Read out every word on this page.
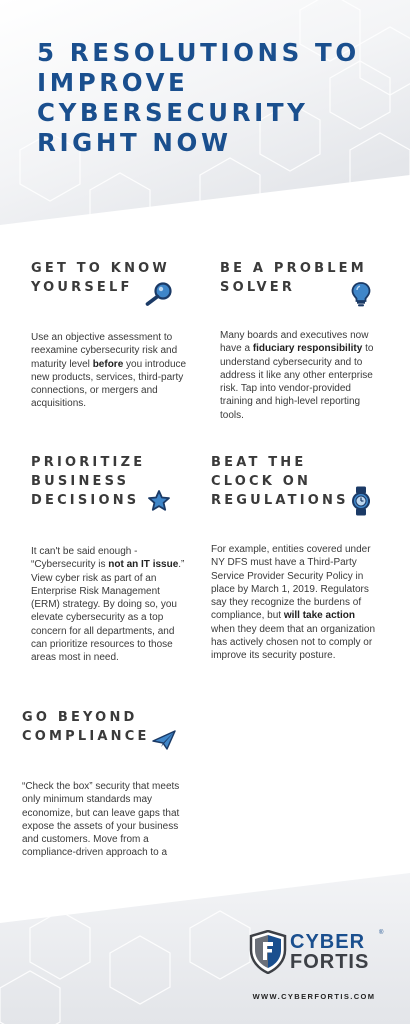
5 RESOLUTIONS TO IMPROVE CYBERSECURITY RIGHT NOW
GET TO KNOW YOURSELF

Use an objective assessment to reexamine cybersecurity risk and maturity level before you introduce new products, services, third-party connections, or mergers and acquisitions.

BE A PROBLEM SOLVER

Many boards and executives now have a fiduciary responsibility to understand cybersecurity and to address it like any other enterprise risk. Tap into vendor-provided training and high-level reporting tools.

PRIORITIZE BUSINESS DECISIONS

It can't be said enough - “Cybersecurity is not an IT issue.” View cyber risk as part of an Enterprise Risk Management (ERM) strategy. By doing so, you elevate cybersecurity as a top concern for all departments, and can prioritize resources to those areas most in need.

BEAT THE CLOCK ON REGULATIONS

For example, entities covered under NY DFS must have a Third-Party Service Provider Security Policy in place by March 1, 2019. Regulators say they recognize the burdens of compliance, but will take action when they deem that an organization has actively chosen not to comply or improve its security posture.

GO BEYOND COMPLIANCE

“Check the box” security that meets only minimum standards may economize, but can leave gaps that expose the assets of your business and customers. Move from a compliance-driven approach to a

CYBER ®
FORTIS
WWW.CYBERFORTIS.COM
